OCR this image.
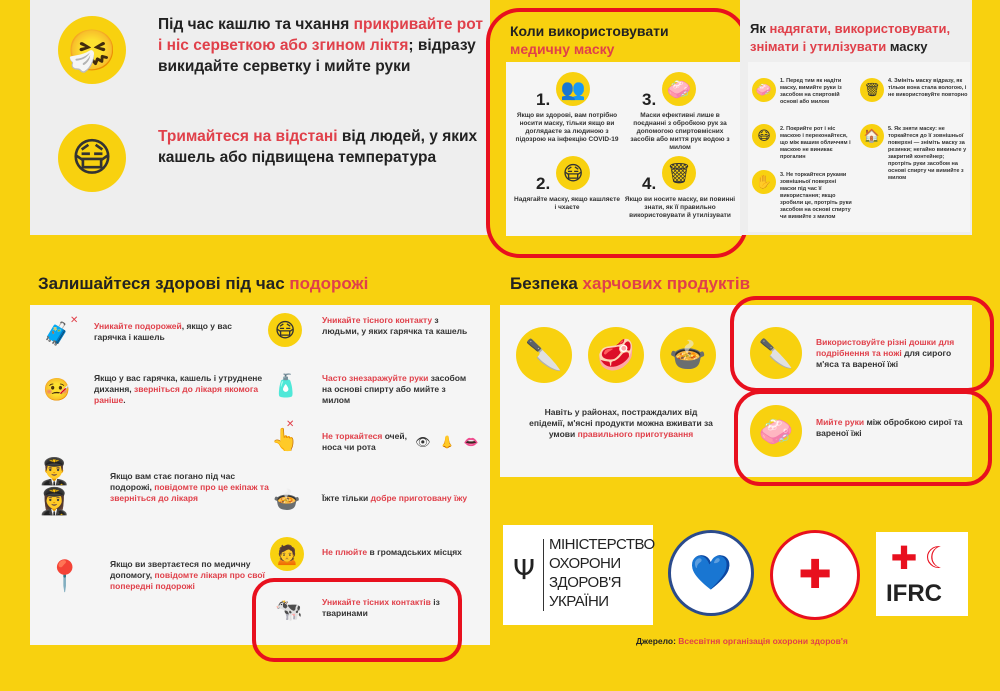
🤧
Під час кашлю та чхання прикривайте рот і ніс серветкою або згином ліктя; відразу викидайте серветку і мийте руки
😷	Тримайтеся на відстані від людей, у яких кашель або підвищена температура
Коли використовувати
медичну маску
1. 👥
Якщо ви здорові, вам потрібно носити маску, тільки якщо ви доглядаєте за людиною з підозрою на інфекцію COVID-19
3. 🧼
Маски ефективні лише в поєднанні з обробкою рук за допомогою спиртовмісних засобів або миття рук водою з милом
2. 😷
Надягайте маску, якщо кашляєте і чхаєте
4. 🗑
Якщо ви носите маску, ви повинні знати, як її правильно використовувати й утилізувати
Як надягати, використовувати, знімати і утилізувати маску
🧼
1. Перед тим як надіти маску, вимийте руки із засобом на спиртовій основі або милом
😷	2. Покрийте рот і ніс маскою і переконайтеся, що між вашим обличчям і маскою не виникає прогалин
✋	3. Не торкайтеся руками зовнішньої поверхні маски під час її використання; якщо зробили це, протріть руки засобом на основі спирту чи вимийте з милом
🗑
4. Змініть маску відразу, як тільки вона стала вологою, і не використовуйте повторно
🏠	5. Як зняти маску: не торкайтеся до її зовнішньої поверхні — зніміть маску за резинки; негайно викиньте у закритий контейнер; протріть руки засобом на основі спирту чи вимийте з милом
Залишайтеся здорові під час подорожі
🧳
✕ Уникайте подорожей, якщо у вас гарячка і кашель
🤒	Якщо у вас гарячка, кашель і утруднене дихання, зверніться до лікаря якомога раніше.
👨‍✈️👩‍✈️
Якщо вам стає погано під час подорожі, повідомте про це екіпаж та зверніться до лікаря
📍	Якщо ви звертаєтеся по медичну допомогу, повідомте лікаря про свої попередні подорожі
😷	Уникайте тісного контакту з людьми, у яких гарячка та кашель
🧴	Часто знезаражуйте руки засобом на основі спирту або мийте з милом
👆
✕
Не торкайтеся очей, носа чи рота	👁 👃 👄
🍲	Їжте тільки добре приготовану їжу
🙍	Не плюйте в громадських місцях
🐄	Уникайте тісних контактів із тваринами
Безпека харчових продуктів
🔪	🥩	🍲
Навіть у районах, постраждалих від епідемії, м'ясні продукти можна вживати за умови правильного приготування
🔪	Використовуйте різні дошки для подрібнення та ножі для сирого м'яса та вареної їжі
🧼	Мийте руки між обробкою сирої та вареної їжі
Ψ
МІНІСТЕРСТВО
ОХОРОНИ
ЗДОРОВ'Я
УКРАЇНИ
💙 ✚ ✚ ☾
IFRC
Джерело: Всесвітня організація охорони здоров'я
